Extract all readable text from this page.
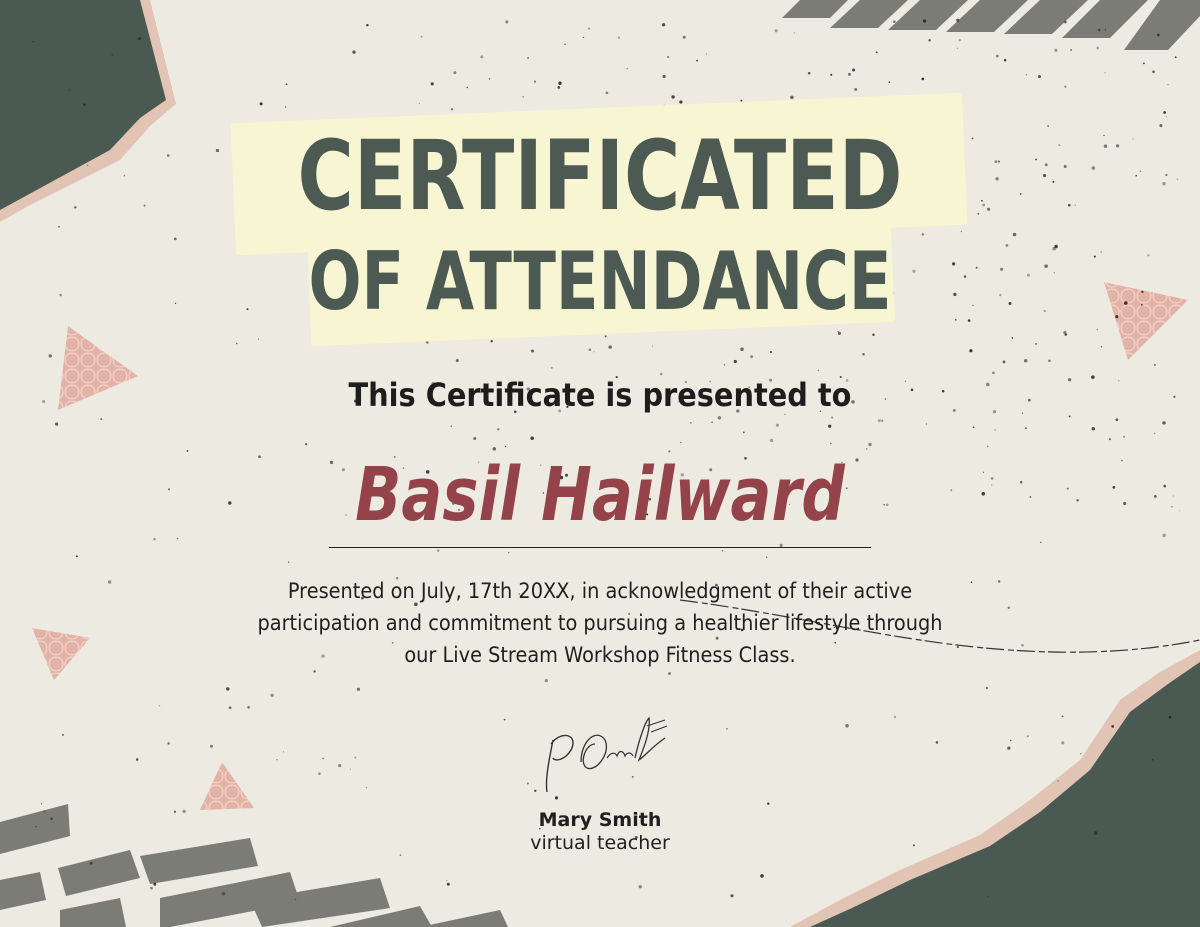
CERTIFICATED
OF ATTENDANCE
This Certificate is presented to
Basil Hailward
Presented on July, 17th 20XX, in acknowledgment of their active
participation and commitment to pursuing a healthier lifestyle through
our Live Stream Workshop Fitness Class.
Mary Smith
virtual teacher
